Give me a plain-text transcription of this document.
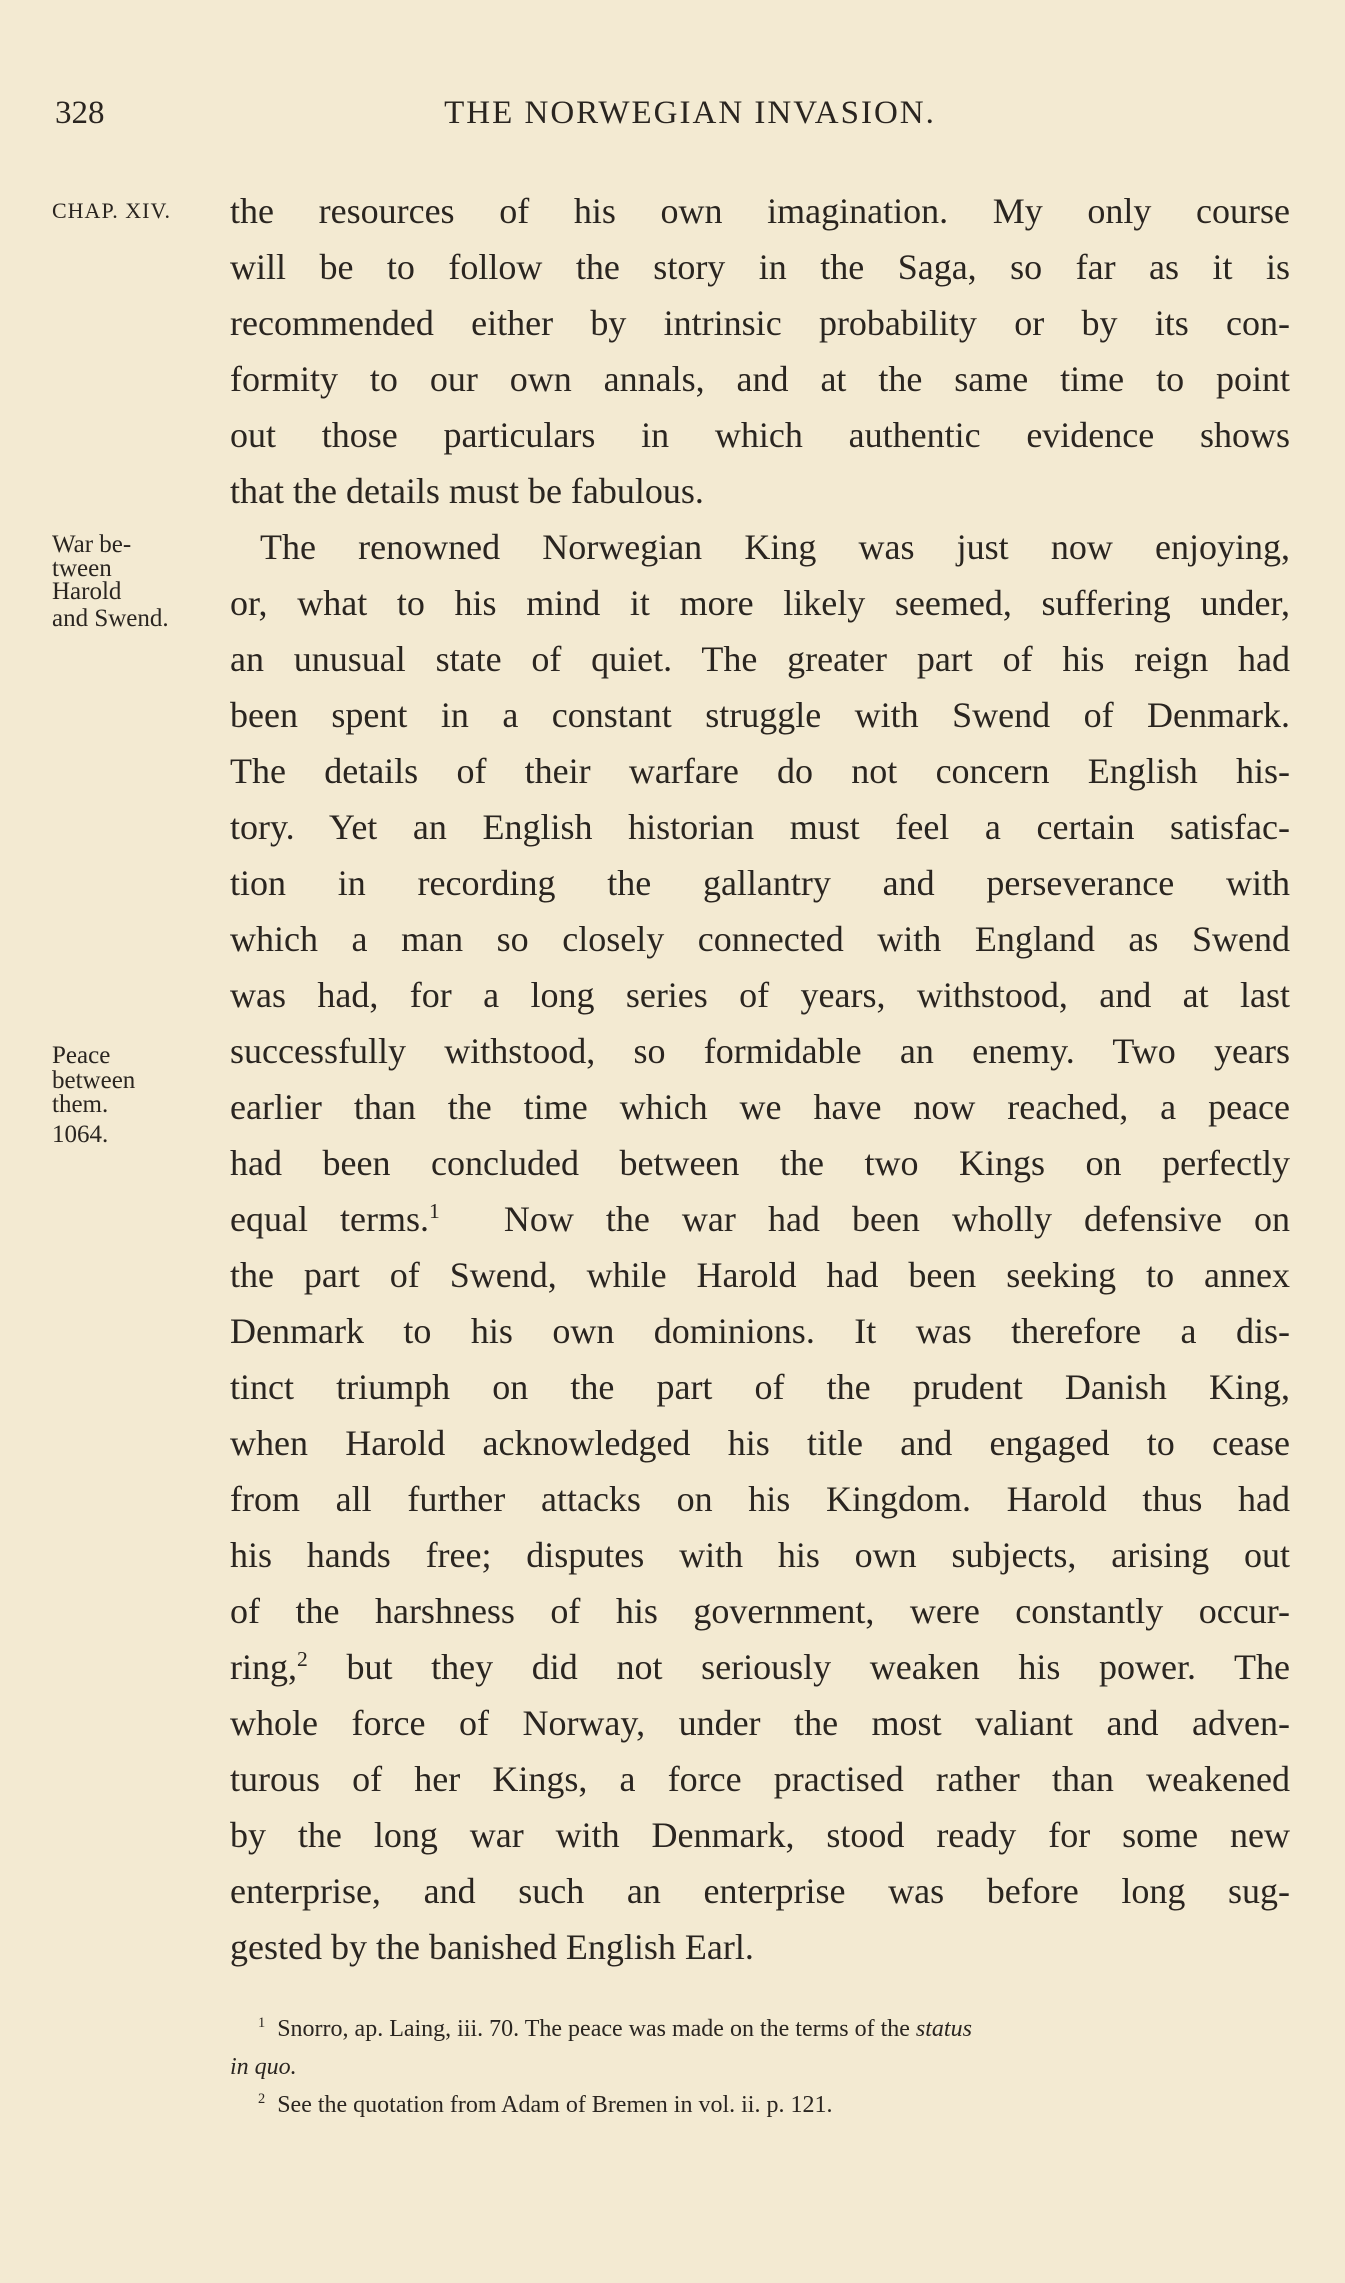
328	THE NORWEGIAN INVASION.
CHAP. XIV.
War be-
tween
Harold
and Swend.
Peace
between
them.
1064.
the resources of his own imagination. My only course
will be to follow the story in the Saga, so far as it is
recommended either by intrinsic probability or by its con-
formity to our own annals, and at the same time to point
out those particulars in which authentic evidence shows
that the details must be fabulous.
The renowned Norwegian King was just now enjoying,
or, what to his mind it more likely seemed, suffering under,
an unusual state of quiet. The greater part of his reign had
been spent in a constant struggle with Swend of Denmark.
The details of their warfare do not concern English his-
tory. Yet an English historian must feel a certain satisfac-
tion in recording the gallantry and perseverance with
which a man so closely connected with England as Swend
was had, for a long series of years, withstood, and at last
successfully withstood, so formidable an enemy. Two years
earlier than the time which we have now reached, a peace
had been concluded between the two Kings on perfectly
equal terms.$^1$ Now the war had been wholly defensive on
the part of Swend, while Harold had been seeking to annex
Denmark to his own dominions. It was therefore a dis-
tinct triumph on the part of the prudent Danish King,
when Harold acknowledged his title and engaged to cease
from all further attacks on his Kingdom. Harold thus had
his hands free; disputes with his own subjects, arising out
of the harshness of his government, were constantly occur-
ring,$^2$ but they did not seriously weaken his power. The
whole force of Norway, under the most valiant and adven-
turous of her Kings, a force practised rather than weakened
by the long war with Denmark, stood ready for some new
enterprise, and such an enterprise was before long sug-
gested by the banished English Earl.
$^1$ Snorro, ap. Laing, iii. 70. The peace was made on the terms of the status
in quo.
$^2$ See the quotation from Adam of Bremen in vol. ii. p. 121.
